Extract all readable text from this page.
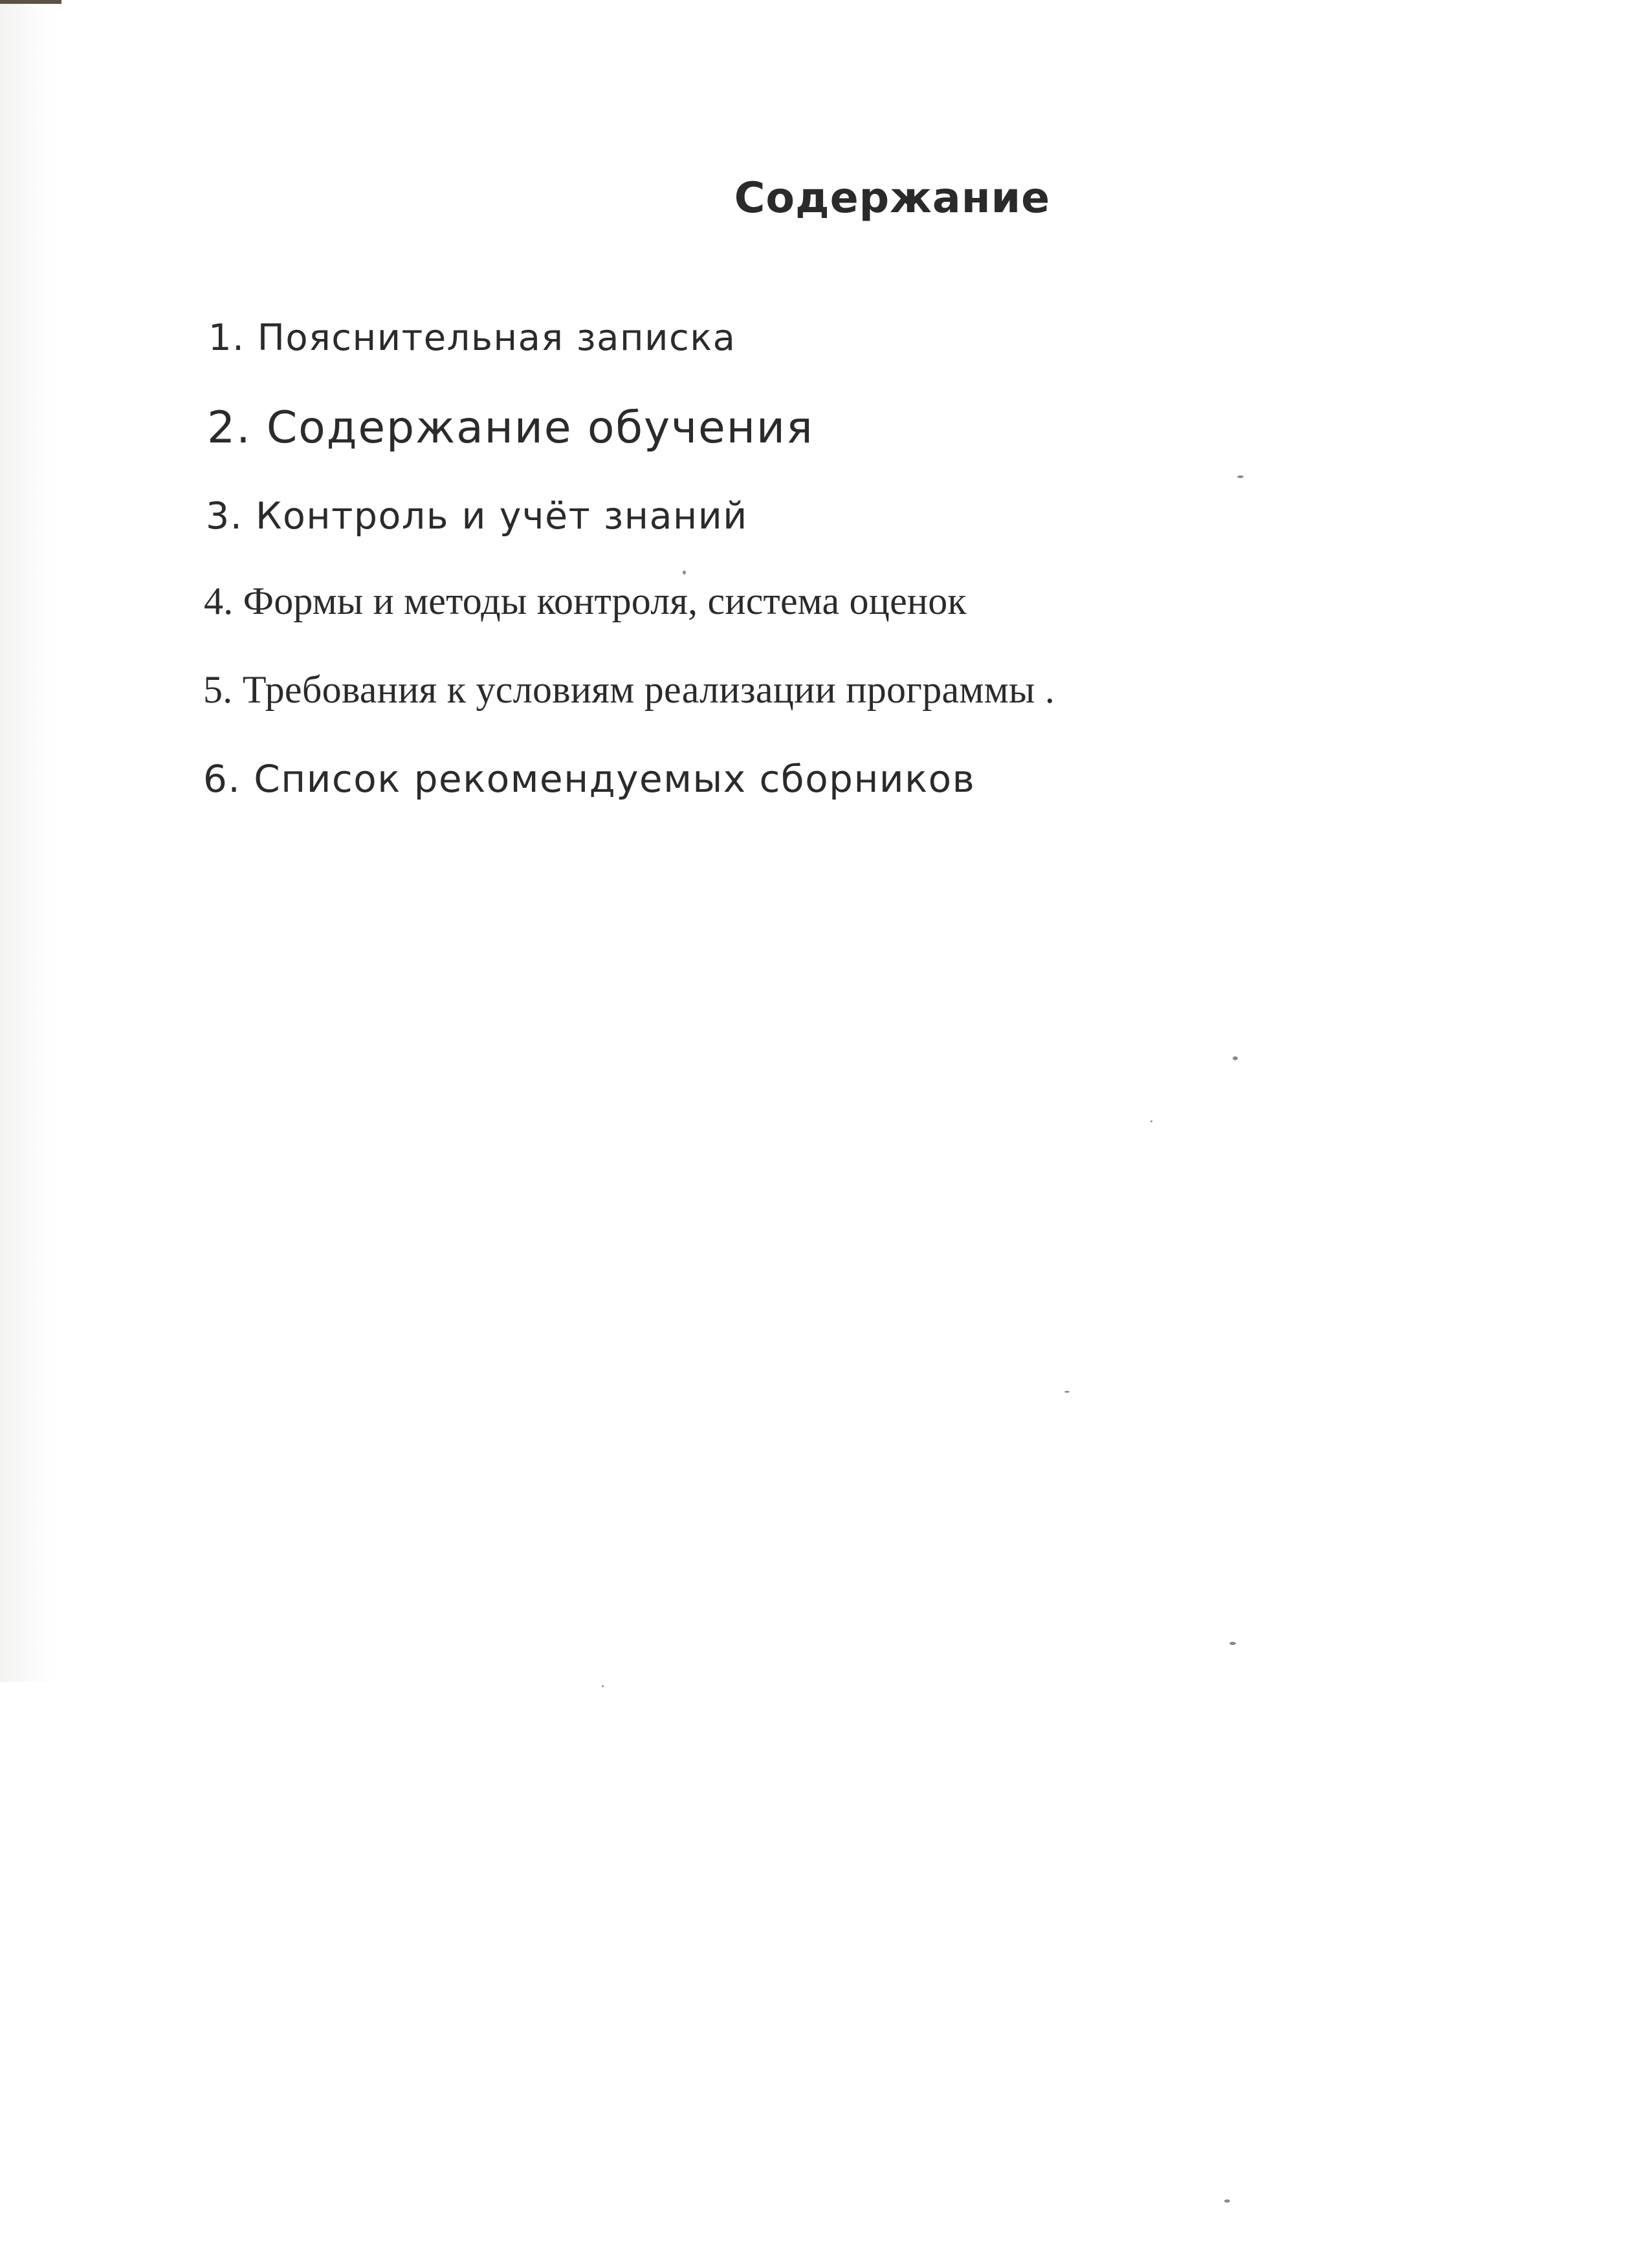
Содержание
1. Пояснительная записка
2. Содержание обучения
3. Контроль и учёт знаний
4. Формы и методы контроля, система оценок
5. Требования к условиям реализации программы .
6. Список рекомендуемых сборников
